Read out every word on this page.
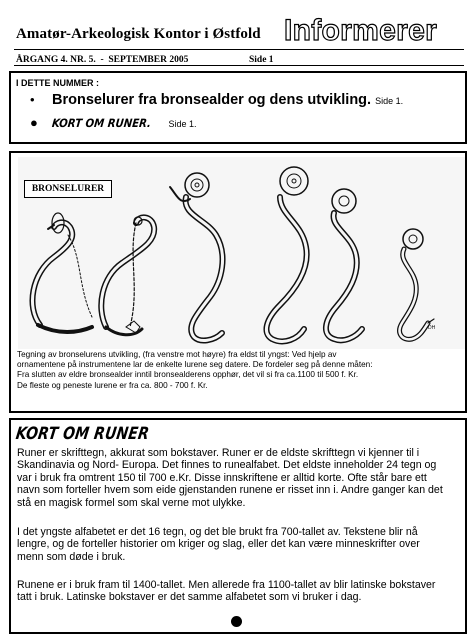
Amatør-Arkeologisk Kontor i Østfold Informerer
ÅRGANG 4. NR. 5.  -  SEPTEMBER 2005	Side 1
I DETTE NUMMER :
•	Bronselurer fra bronsealder og dens utvikling. Side 1.
●	KORT OM RUNER. Side 1.
DH
BRONSELURER
Tegning av bronselurens utvikling, (fra venstre mot høyre) fra eldst til yngst: Ved hjelp av
ornamentene på instrumentene lar de enkelte lurene seg datere. De fordeler seg på denne måten:
Fra slutten av eldre bronsealder inntil bronsealderens opphør, det vil si fra ca.1100 til 500 f. Kr.
De fleste og peneste lurene er fra ca. 800 - 700 f. Kr.
KORT OM RUNER
Runer er skrifttegn, akkurat som bokstaver. Runer er de eldste skrifttegn vi kjenner til i
Skandinavia og Nord- Europa. Det finnes to runealfabet. Det eldste inneholder 24 tegn og
var i bruk fra omtrent 150 til 700 e.Kr. Disse innskriftene er alltid korte. Ofte står bare ett
navn som forteller hvem som eide gjenstanden runene er risset inn i. Andre ganger kan det
stå en magisk formel som skal verne mot ulykke.
I det yngste alfabetet er det 16 tegn, og det ble brukt fra 700-tallet av. Tekstene blir nå
lengre, og de forteller historier om kriger og slag, eller det kan være minneskrifter over
menn som døde i bruk.
Runene er i bruk fram til 1400-tallet. Men allerede fra 1100-tallet av blir latinske bokstaver
tatt i bruk. Latinske bokstaver er det samme alfabetet som vi bruker i dag.
